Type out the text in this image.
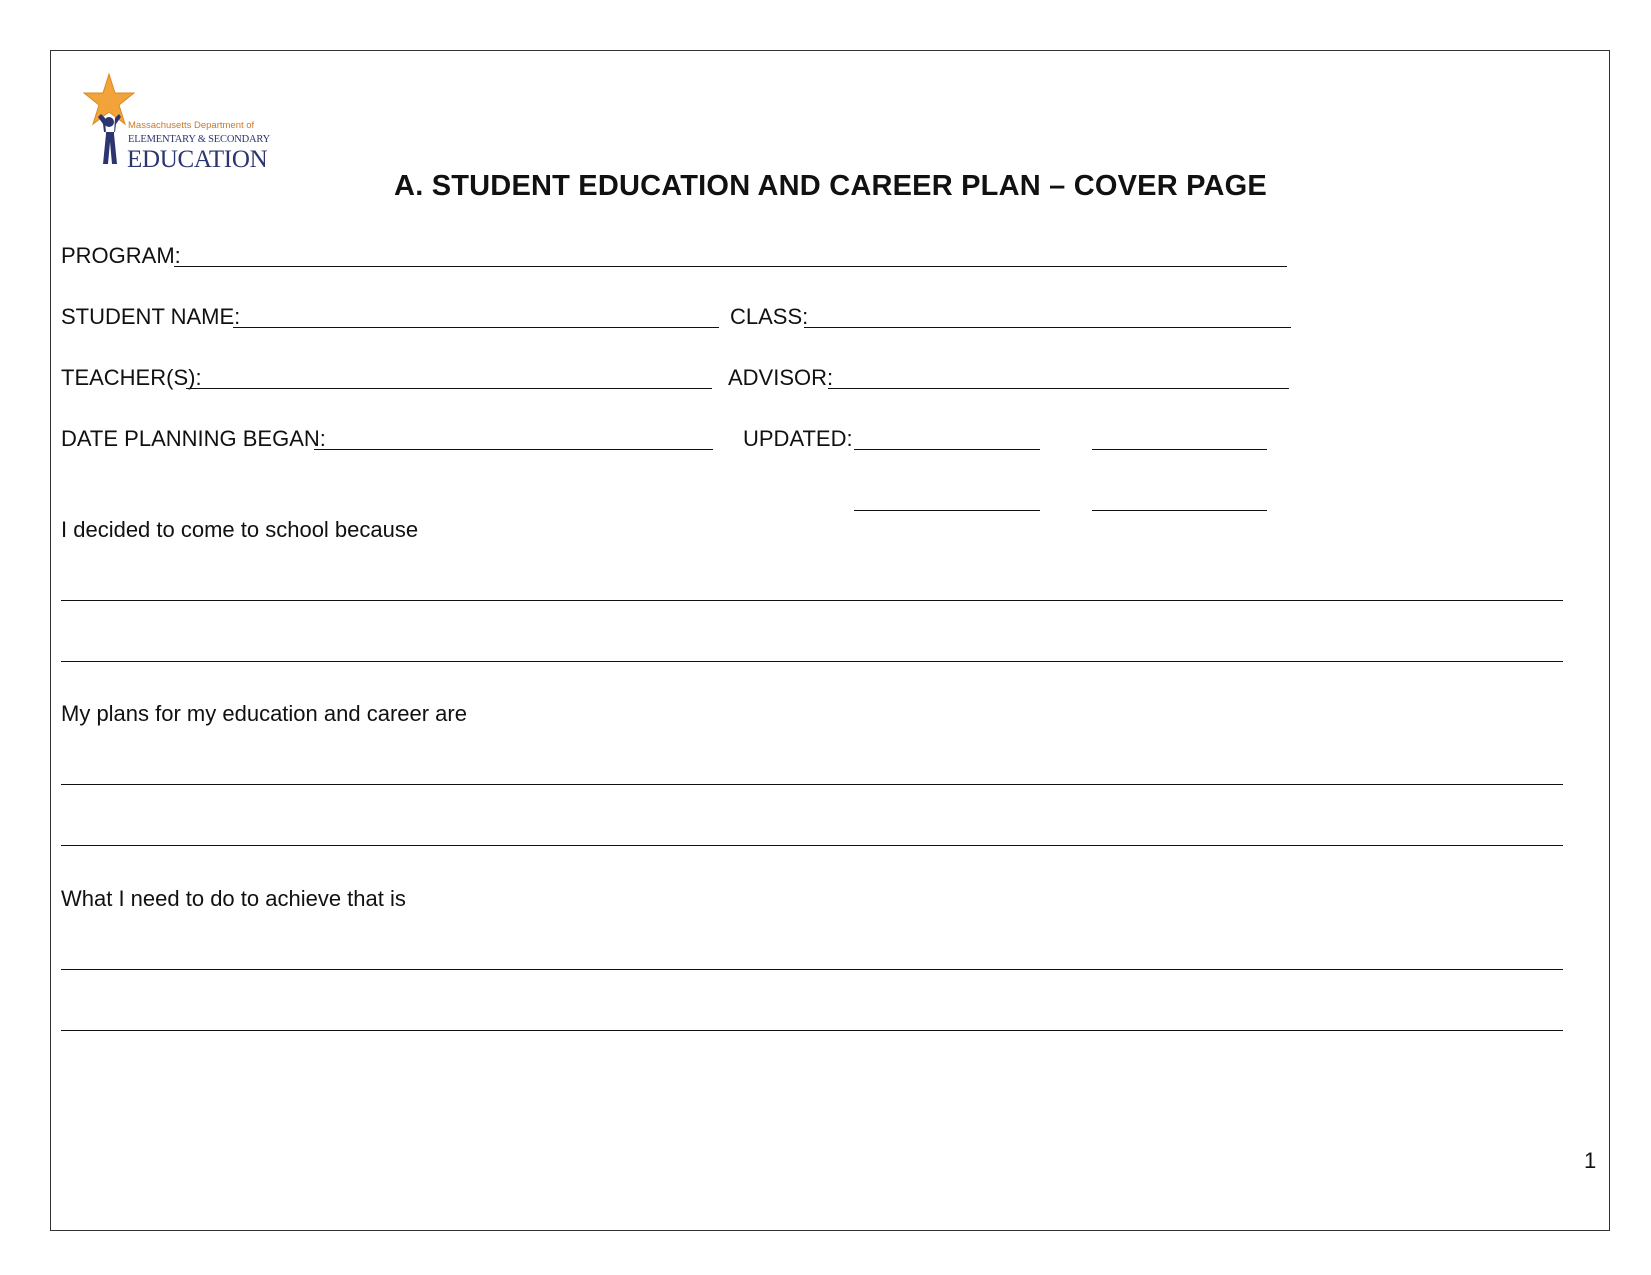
Massachusetts Department of
ELEMENTARY & SECONDARY
EDUCATION
A. STUDENT EDUCATION AND CAREER PLAN – COVER PAGE
PROGRAM:
STUDENT NAME:	CLASS:
TEACHER(S):	ADVISOR:
DATE PLANNING BEGAN:	UPDATED:
I decided to come to school because
My plans for my education and career are
What I need to do to achieve that is
1
